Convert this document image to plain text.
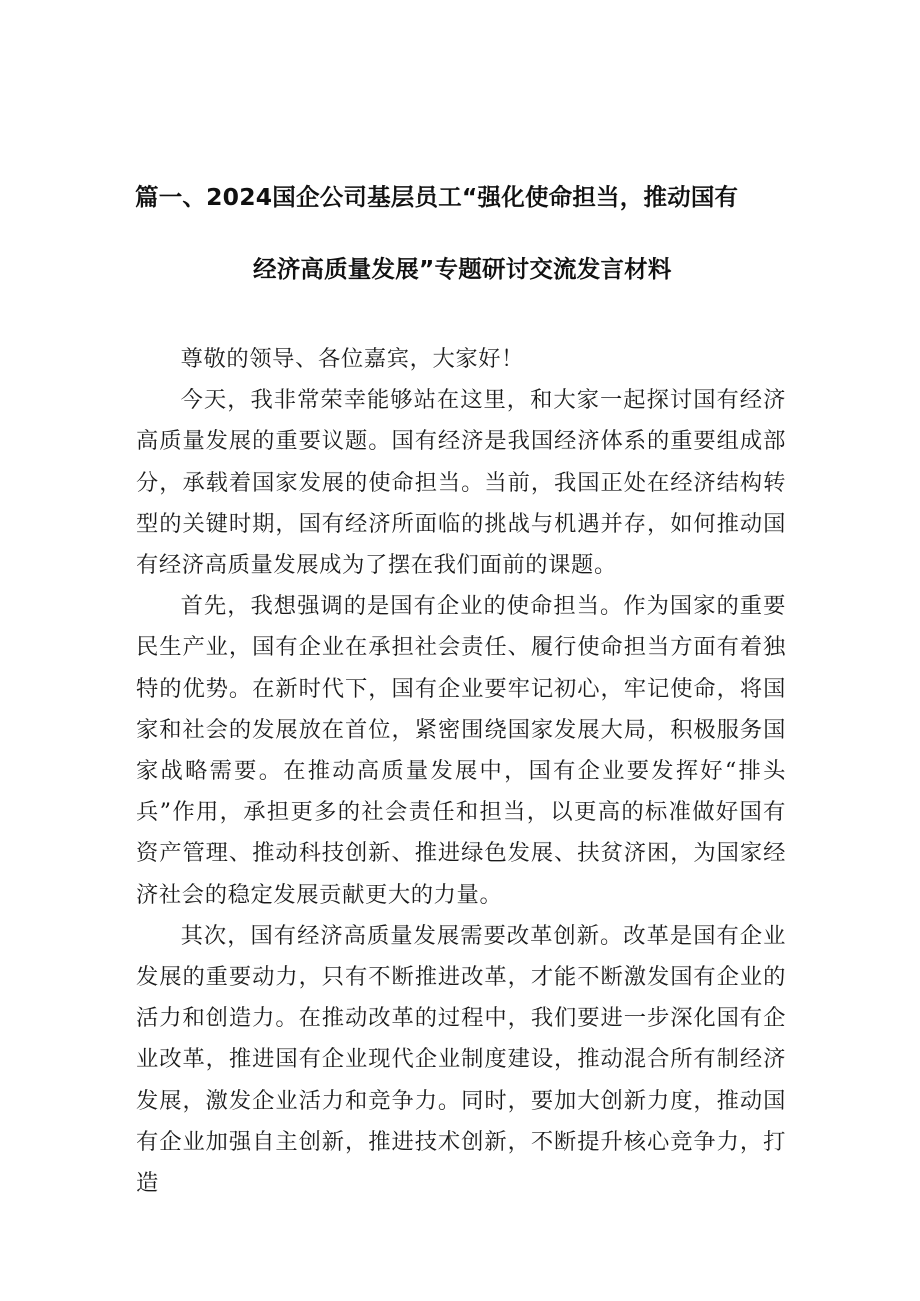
篇一、2024国企公司基层员工“强化使命担当，推动国有
经济高质量发展”专题研讨交流发言材料

尊敬的领导、各位嘉宾，大家好！

今天，我非常荣幸能够站在这里，和大家一起探讨国有经济高质量发展的重要议题。国有经济是我国经济体系的重要组成部分，承载着国家发展的使命担当。当前，我国正处在经济结构转型的关键时期，国有经济所面临的挑战与机遇并存，如何推动国有经济高质量发展成为了摆在我们面前的课题。

首先，我想强调的是国有企业的使命担当。作为国家的重要民生产业，国有企业在承担社会责任、履行使命担当方面有着独特的优势。在新时代下，国有企业要牢记初心，牢记使命，将国家和社会的发展放在首位，紧密围绕国家发展大局，积极服务国家战略需要。在推动高质量发展中，国有企业要发挥好“排头兵”作用，承担更多的社会责任和担当，以更高的标准做好国有资产管理、推动科技创新、推进绿色发展、扶贫济困，为国家经济社会的稳定发展贡献更大的力量。

其次，国有经济高质量发展需要改革创新。改革是国有企业发展的重要动力，只有不断推进改革，才能不断激发国有企业的活力和创造力。在推动改革的过程中，我们要进一步深化国有企业改革，推进国有企业现代企业制度建设，推动混合所有制经济发展，激发企业活力和竞争力。同时，要加大创新力度，推动国有企业加强自主创新，推进技术创新，不断提升核心竞争力，打造
